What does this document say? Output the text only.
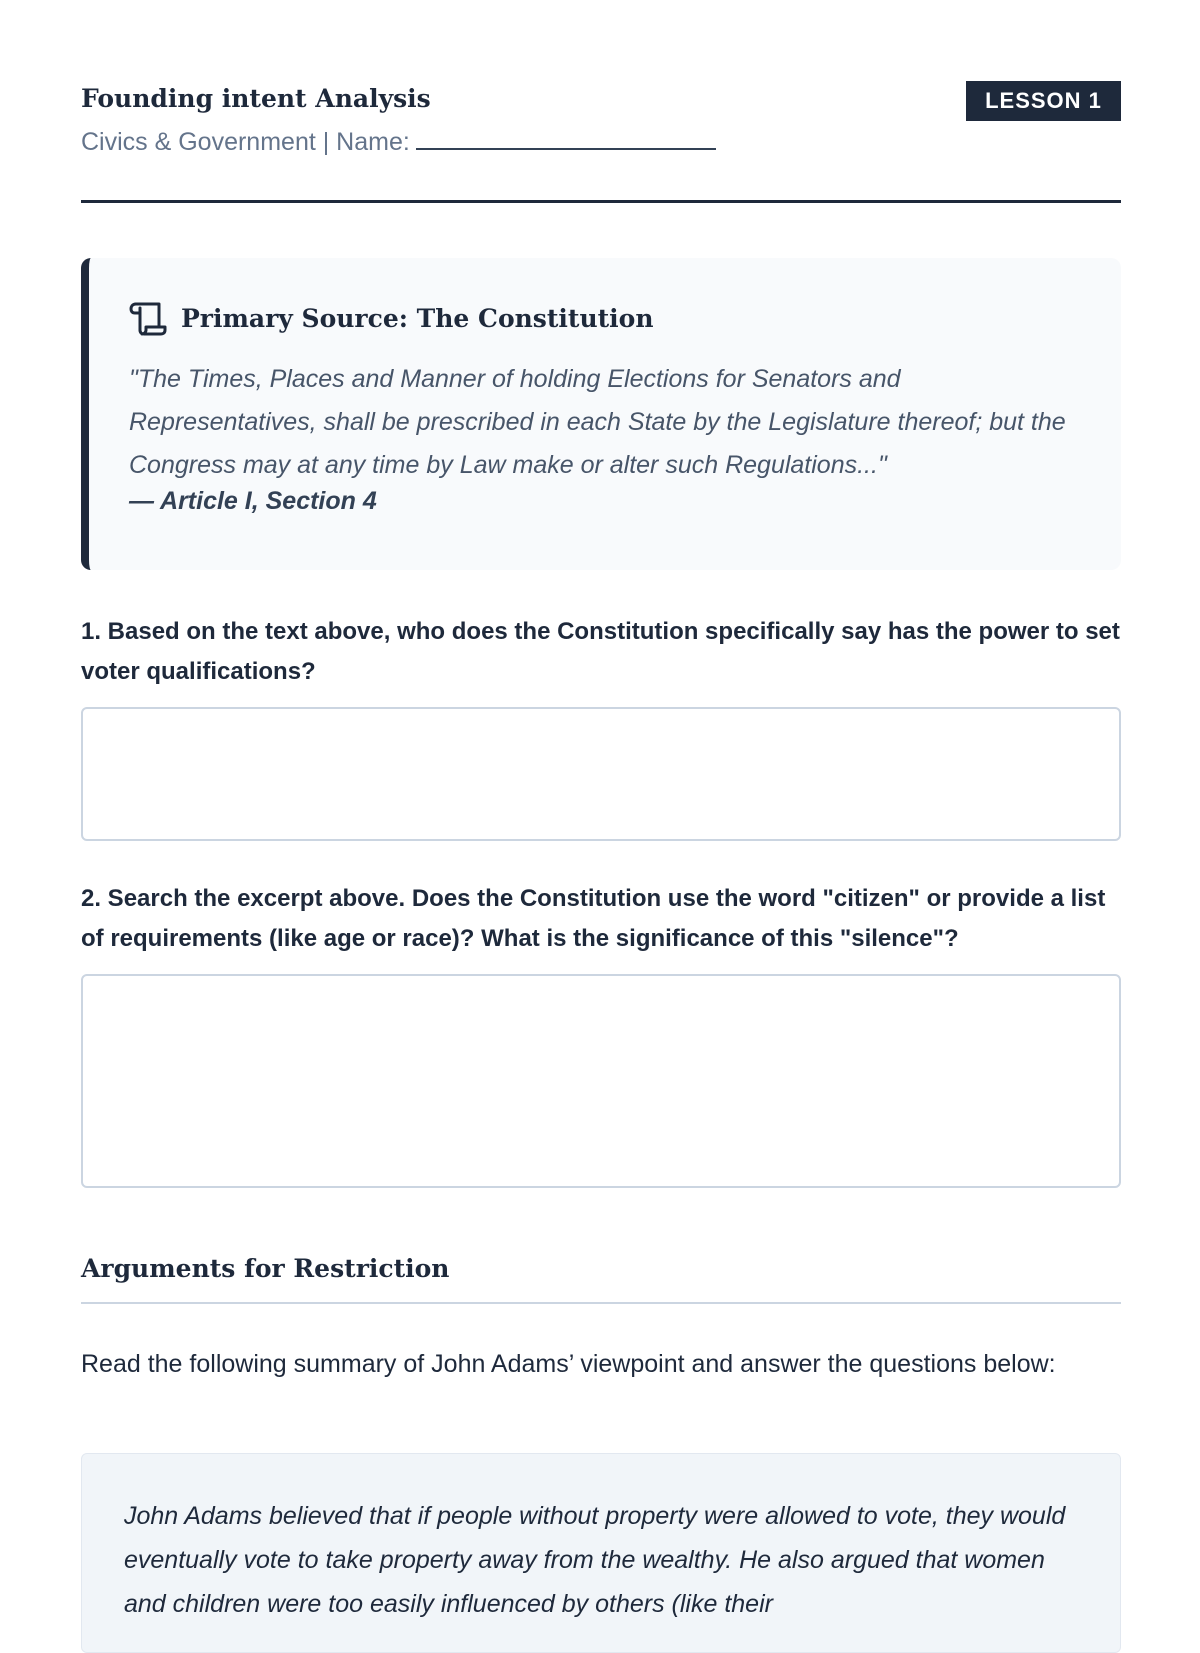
Founding intent Analysis
Civics & Government | Name:
LESSON 1
Primary Source: The Constitution
"The Times, Places and Manner of holding Elections for Senators and Representatives, shall be prescribed in each State by the Legislature thereof; but the Congress may at any time by Law make or alter such Regulations..."
— Article I, Section 4
1. Based on the text above, who does the Constitution specifically say has the power to set voter qualifications?
2. Search the excerpt above. Does the Constitution use the word "citizen" or provide a list of requirements (like age or race)? What is the significance of this "silence"?
Arguments for Restriction
Read the following summary of John Adams’ viewpoint and answer the questions below:
John Adams believed that if people without property were allowed to vote, they would eventually vote to take property away from the wealthy. He also argued that women and children were too easily influenced by others (like their
